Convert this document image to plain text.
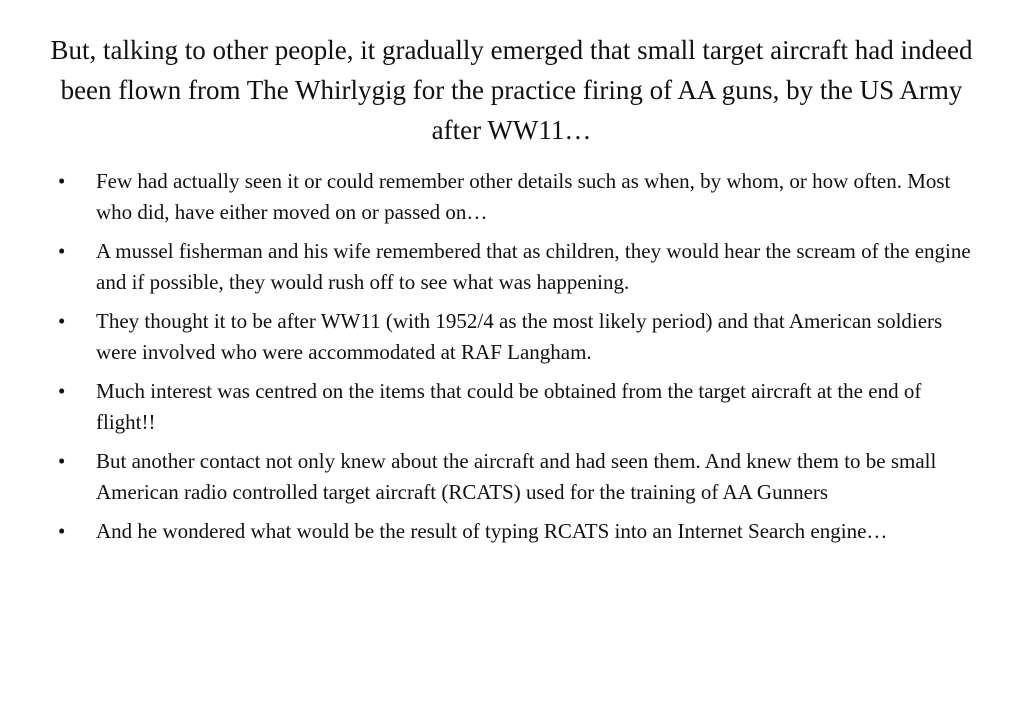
But, talking to other people, it gradually emerged that small target aircraft had indeed been flown from The Whirlygig for the practice firing of AA guns, by the US Army after WW11…
•	Few had actually seen it or could remember other details such as when, by whom, or how often. Most who did, have either moved on or passed on…
•	A mussel fisherman and his wife remembered that as children, they would hear the scream of the engine and if possible, they would rush off to see what was happening.
•	They thought it to be after WW11 (with 1952/4 as the most likely period) and that American soldiers were involved who were accommodated at RAF Langham.
•	Much interest was centred on the items that could be obtained from the target aircraft at the end of flight!!
•	But another contact not only knew about the aircraft and had seen them. And knew them to be small American radio controlled target aircraft (RCATS) used for the training of AA Gunners
•	And he wondered what would be the result of typing RCATS into an Internet Search engine…
